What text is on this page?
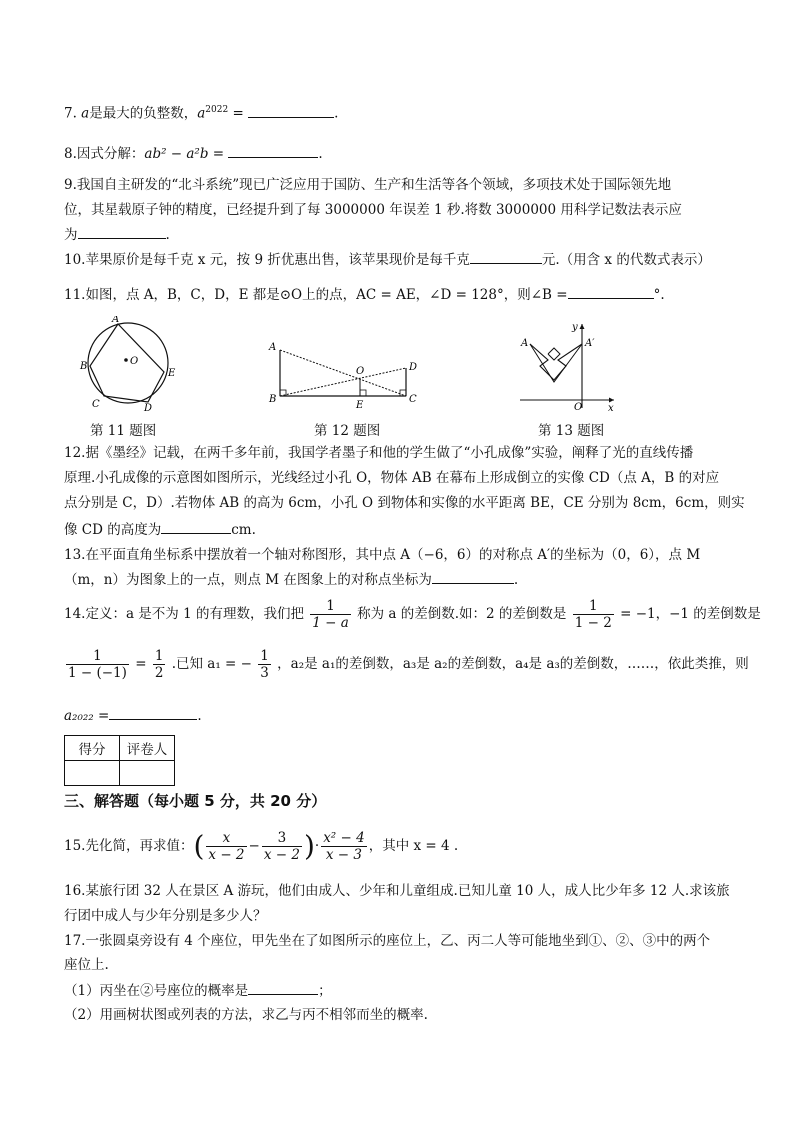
7. a是最大的负整数，$a^{2022}$ =	.
8.因式分解：ab² − a²b =	.
9.我国自主研发的“北斗系统”现已广泛应用于国防、生产和生活等各个领域，多项技术处于国际领先地
位，其星载原子钟的精度，已经提升到了每 3000000 年误差 1 秒.将数 3000000 用科学记数法表示应
为	.
10.苹果原价是每千克 x 元，按 9 折优惠出售，该苹果现价是每千克	元.（用含 x 的代数式表示）
11.如图，点 A，B，C，D，E 都是⊙O上的点，AC = AE，∠D = 128°，则∠B =	°.
A
B
C	D
E
O
第 11 题图
A
B	C
D
E
O
第 12 题图
A	A′
O	x
y
第 13 题图
12.据《墨经》记载，在两千多年前，我国学者墨子和他的学生做了“小孔成像”实验，阐释了光的直线传播
原理.小孔成像的示意图如图所示，光线经过小孔 O，物体 AB 在幕布上形成倒立的实像 CD（点 A，B 的对应
点分别是 C，D）.若物体 AB 的高为 6cm，小孔 O 到物体和实像的水平距离 BE，CE 分别为 8cm，6cm，则实
像 CD 的高度为	cm.
13.在平面直角坐标系中摆放着一个轴对称图形，其中点 A（−6，6）的对称点 A′的坐标为（0，6），点 M
（m，n）为图象上的一点，则点 M 在图象上的对称点坐标为	.
14.定义：a 是不为 1 的有理数，我们把 $\frac{1}{1 - a}$ 称为 a 的差倒数.如：2 的差倒数是 $\frac{1}{1 - 2} = -1$，−1 的差倒数是
$\frac{1}{1 - (-1)} = \frac{1}{2}$ .已知 a₁ = − $\frac{1}{3}$ ，a₂是 a₁的差倒数，a₃是 a₂的差倒数，a₄是 a₃的差倒数，……，依此类推，则
a₂₀₂₂ =	.
得分	评卷人

三、解答题（每小题 5 分，共 20 分）
15.先化简，再求值：( $\frac{x}{x - 2} - \frac{3}{x - 2}$ )· $\frac{\text{x² − 4}}{x - 3}$ ，其中 x = 4 .
16.某旅行团 32 人在景区 A 游玩，他们由成人、少年和儿童组成.已知儿童 10 人，成人比少年多 12 人.求该旅
行团中成人与少年分别是多少人？
17.一张圆桌旁设有 4 个座位，甲先坐在了如图所示的座位上，乙、丙二人等可能地坐到①、②、③中的两个
座位上.
（1）丙坐在②号座位的概率是	；
（2）用画树状图或列表的方法，求乙与丙不相邻而坐的概率.
